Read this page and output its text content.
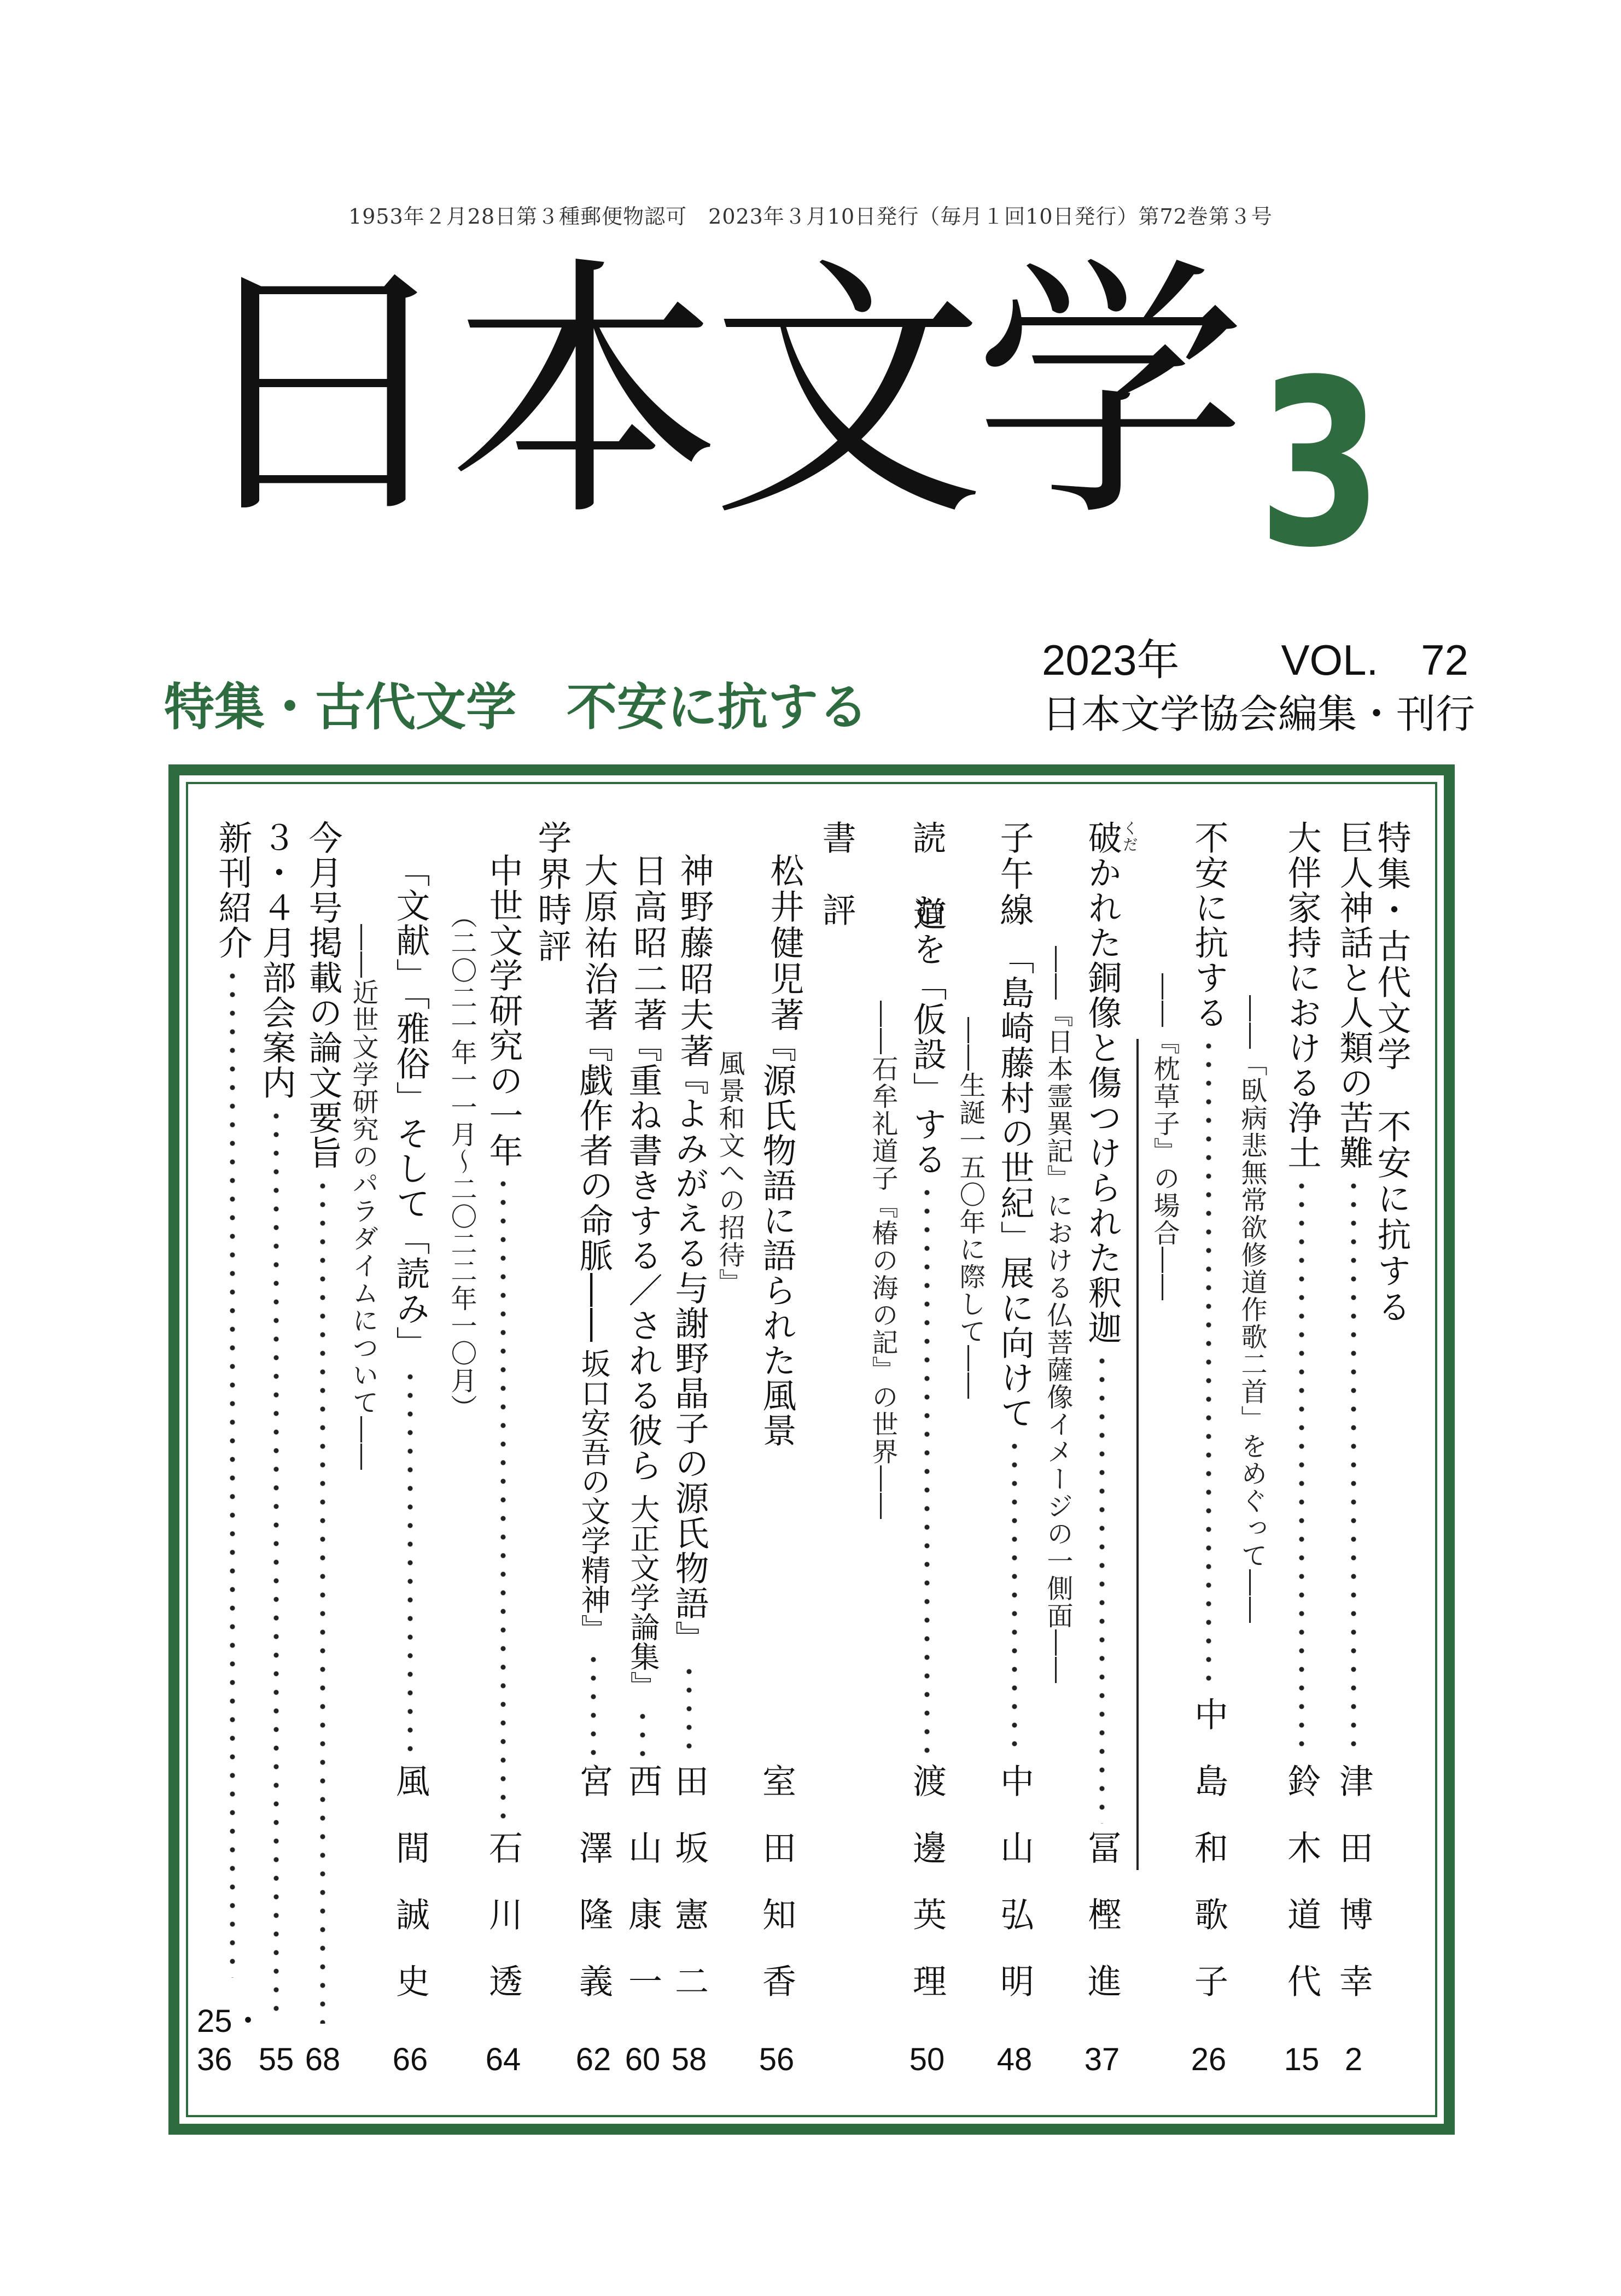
1953年２月28日第３種郵便物認可　2023年３月10日発行（毎月１回10日発行）第72巻第３号
日本文学 3
2023年 VOL.　72
日本文学協会編集・刊行
特集・古代文学　不安に抗する
特集・古代文学　不安に抗する
巨人神話と人類の苦難
津田博幸
2
大伴家持における浄土
鈴木道代
15
――「臥病悲無常欲修道作歌二首」をめぐって――
不安に抗する
中島和歌子
26
――『枕草子』の場合――
破かれた銅像と傷つけられた釈迦
冨樫進
37
――『日本霊異記』における仏菩薩像イメージの一側面――
くだ
子午線
「島崎藤村の世紀」展に向けて
中山弘明
48
――生誕一五〇年に際して――
読　む
道を「仮設」する
渡邊英理
50
――石牟礼道子『椿の海の記』の世界――
書　評
松井健児著
『源氏物語に語られた風景
室田知香
56
風景和文への招待』
神野藤昭夫著
『よみがえる与謝野晶子の源氏物語』
田坂憲二
58
日高昭二著
『重ね書きする／される彼ら
大正文学論集』
西山康一
60
大原祐治著
『戯作者の命脈――
坂口安吾の文学精神』
宮澤隆義
62
学界時評
中世文学研究の一年
石川透
64
（二〇二一年一一月〜二〇二二年一〇月）
「文献」「雅俗」そして「読み」
風間誠史
66
――近世文学研究のパラダイムについて――
今月号掲載の論文要旨
68
３・４月部会案内
55
新刊紹介
25・36
